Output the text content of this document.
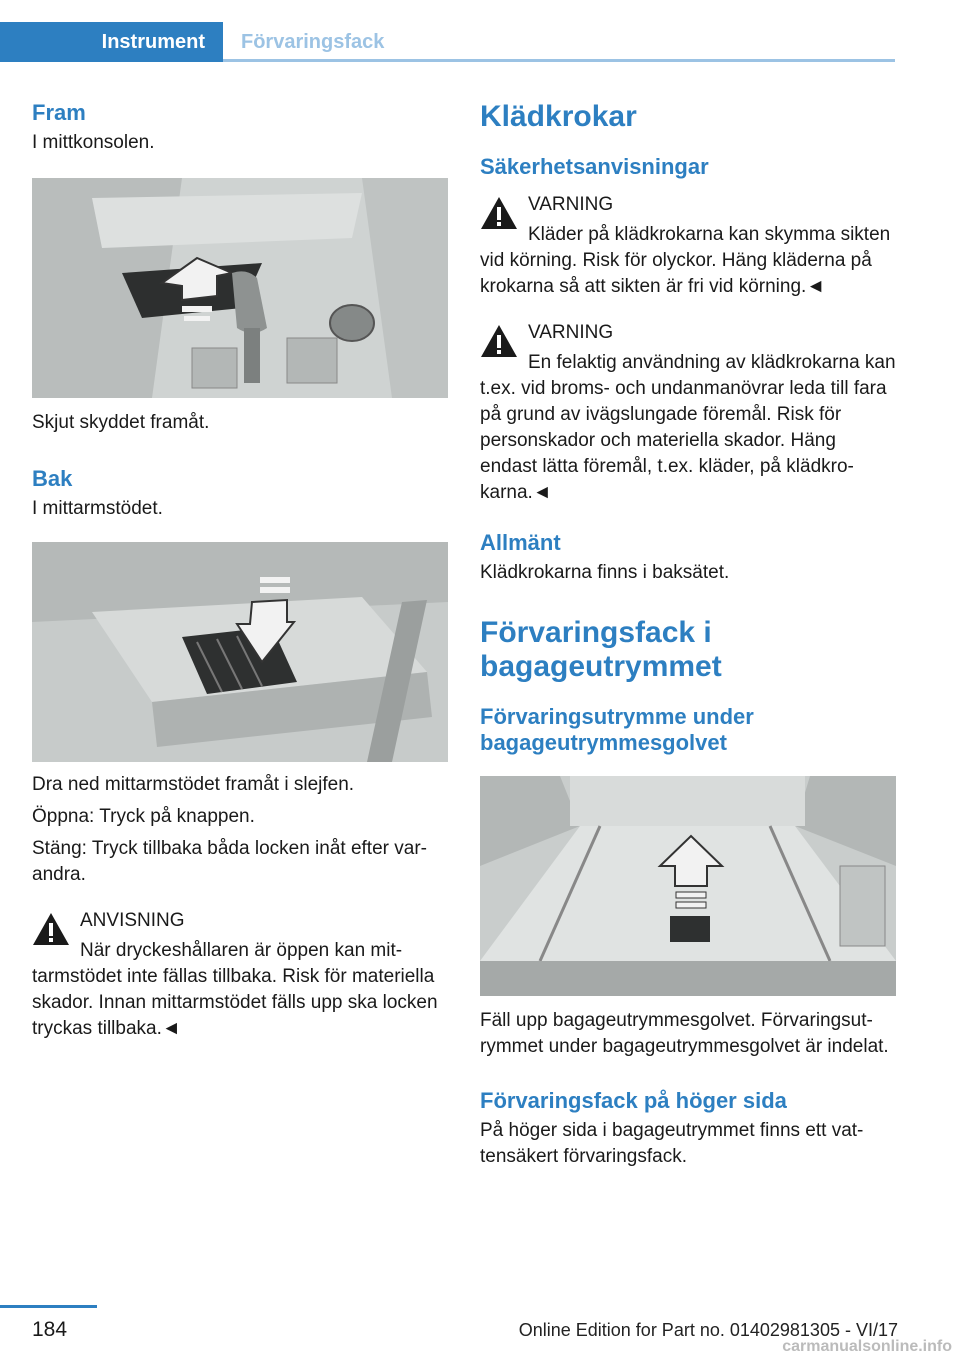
Instrument	Förvaringsfack
Fram

I mittkonsolen.

Skjut skyddet framåt.

Bak

I mittarmstödet.

Dra ned mittarmstödet framåt i slejfen.

Öppna: Tryck på knappen.

Stäng: Tryck tillbaka båda locken inåt efter varandra.

ANVISNING
När dryckeshållaren är öppen kan mittarmstödet inte fällas tillbaka. Risk för materiella skador. Innan mittarmstödet fälls upp ska locken tryckas tillbaka.◄
Klädkrokar
Säkerhetsanvisningar
VARNING
Kläder på klädkrokarna kan skymma sikten vid körning. Risk för olyckor. Häng kläderna på krokarna så att sikten är fri vid körning.◄
VARNING
En felaktig användning av klädkrokarna kan t.ex. vid broms- och undanmanövrar leda till fara på grund av ivägslungade föremål. Risk för personskador och materiella skador. Häng endast lätta föremål, t.ex. kläder, på klädkrokarna.◄
Allmänt

Klädkrokarna finns i baksätet.

Förvaringsfack i bagageutrymmet
Förvaringsutrymme under bagageutrymmesgolvet

Fäll upp bagageutrymmesgolvet. Förvaringsutrymmet under bagageutrymmesgolvet är indelat.

Förvaringsfack på höger sida

På höger sida i bagageutrymmet finns ett vattensäkert förvaringsfack.

184	Online Edition for Part no. 01402981305 - VI/17
carmanualsonline.info
